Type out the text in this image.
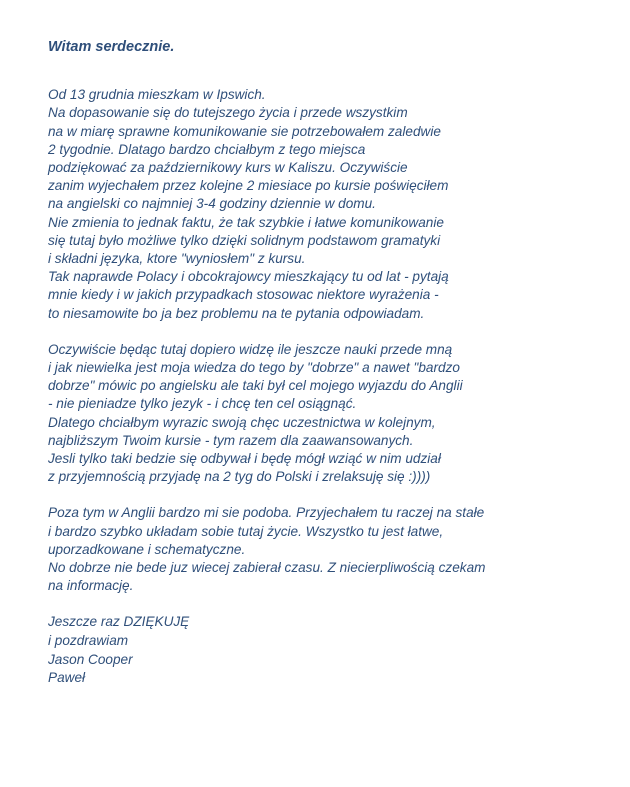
Witam serdecznie.
Od 13 grudnia mieszkam w Ipswich.
Na dopasowanie się do tutejszego życia i przede wszystkim
na w miarę sprawne komunikowanie sie potrzebowałem zaledwie
2 tygodnie. Dlatago bardzo chciałbym z tego miejsca
podziękować za październikowy kurs w Kaliszu. Oczywiście
zanim wyjechałem przez kolejne 2 miesiace po kursie poświęciłem
na angielski co najmniej 3-4 godziny dziennie w domu.
Nie zmienia to jednak faktu, że tak szybkie i łatwe komunikowanie
się tutaj było możliwe tylko dzięki solidnym podstawom gramatyki
i składni języka, ktore "wyniosłem" z kursu.
Tak naprawde Polacy i obcokrajowcy mieszkający tu od lat - pytają
mnie kiedy i w jakich przypadkach stosowac niektore wyrażenia -
to niesamowite bo ja bez problemu na te pytania odpowiadam.
Oczywiście będąc tutaj dopiero widzę ile jeszcze nauki przede mną
i jak niewielka jest moja wiedza do tego by "dobrze" a nawet "bardzo
dobrze" mówic po angielsku ale taki był cel mojego wyjazdu do Anglii
- nie pieniadze tylko jezyk - i chcę ten cel osiągnąć.
Dlatego chciałbym wyrazic swoją chęc uczestnictwa w kolejnym,
najbliższym Twoim kursie - tym razem dla zaawansowanych.
Jesli tylko taki bedzie się odbywał i będę mógł wziąć w nim udział
z przyjemnością przyjadę na 2 tyg do Polski i zrelaksuję się :))))
Poza tym w Anglii bardzo mi sie podoba. Przyjechałem tu raczej na stałe
i bardzo szybko układam sobie tutaj życie. Wszystko tu jest łatwe,
uporzadkowane i schematyczne.
No dobrze nie bede juz wiecej zabierał czasu. Z niecierpliwością czekam
na informację.
Jeszcze raz DZIĘKUJĘ
i pozdrawiam
Jason Cooper
Paweł
